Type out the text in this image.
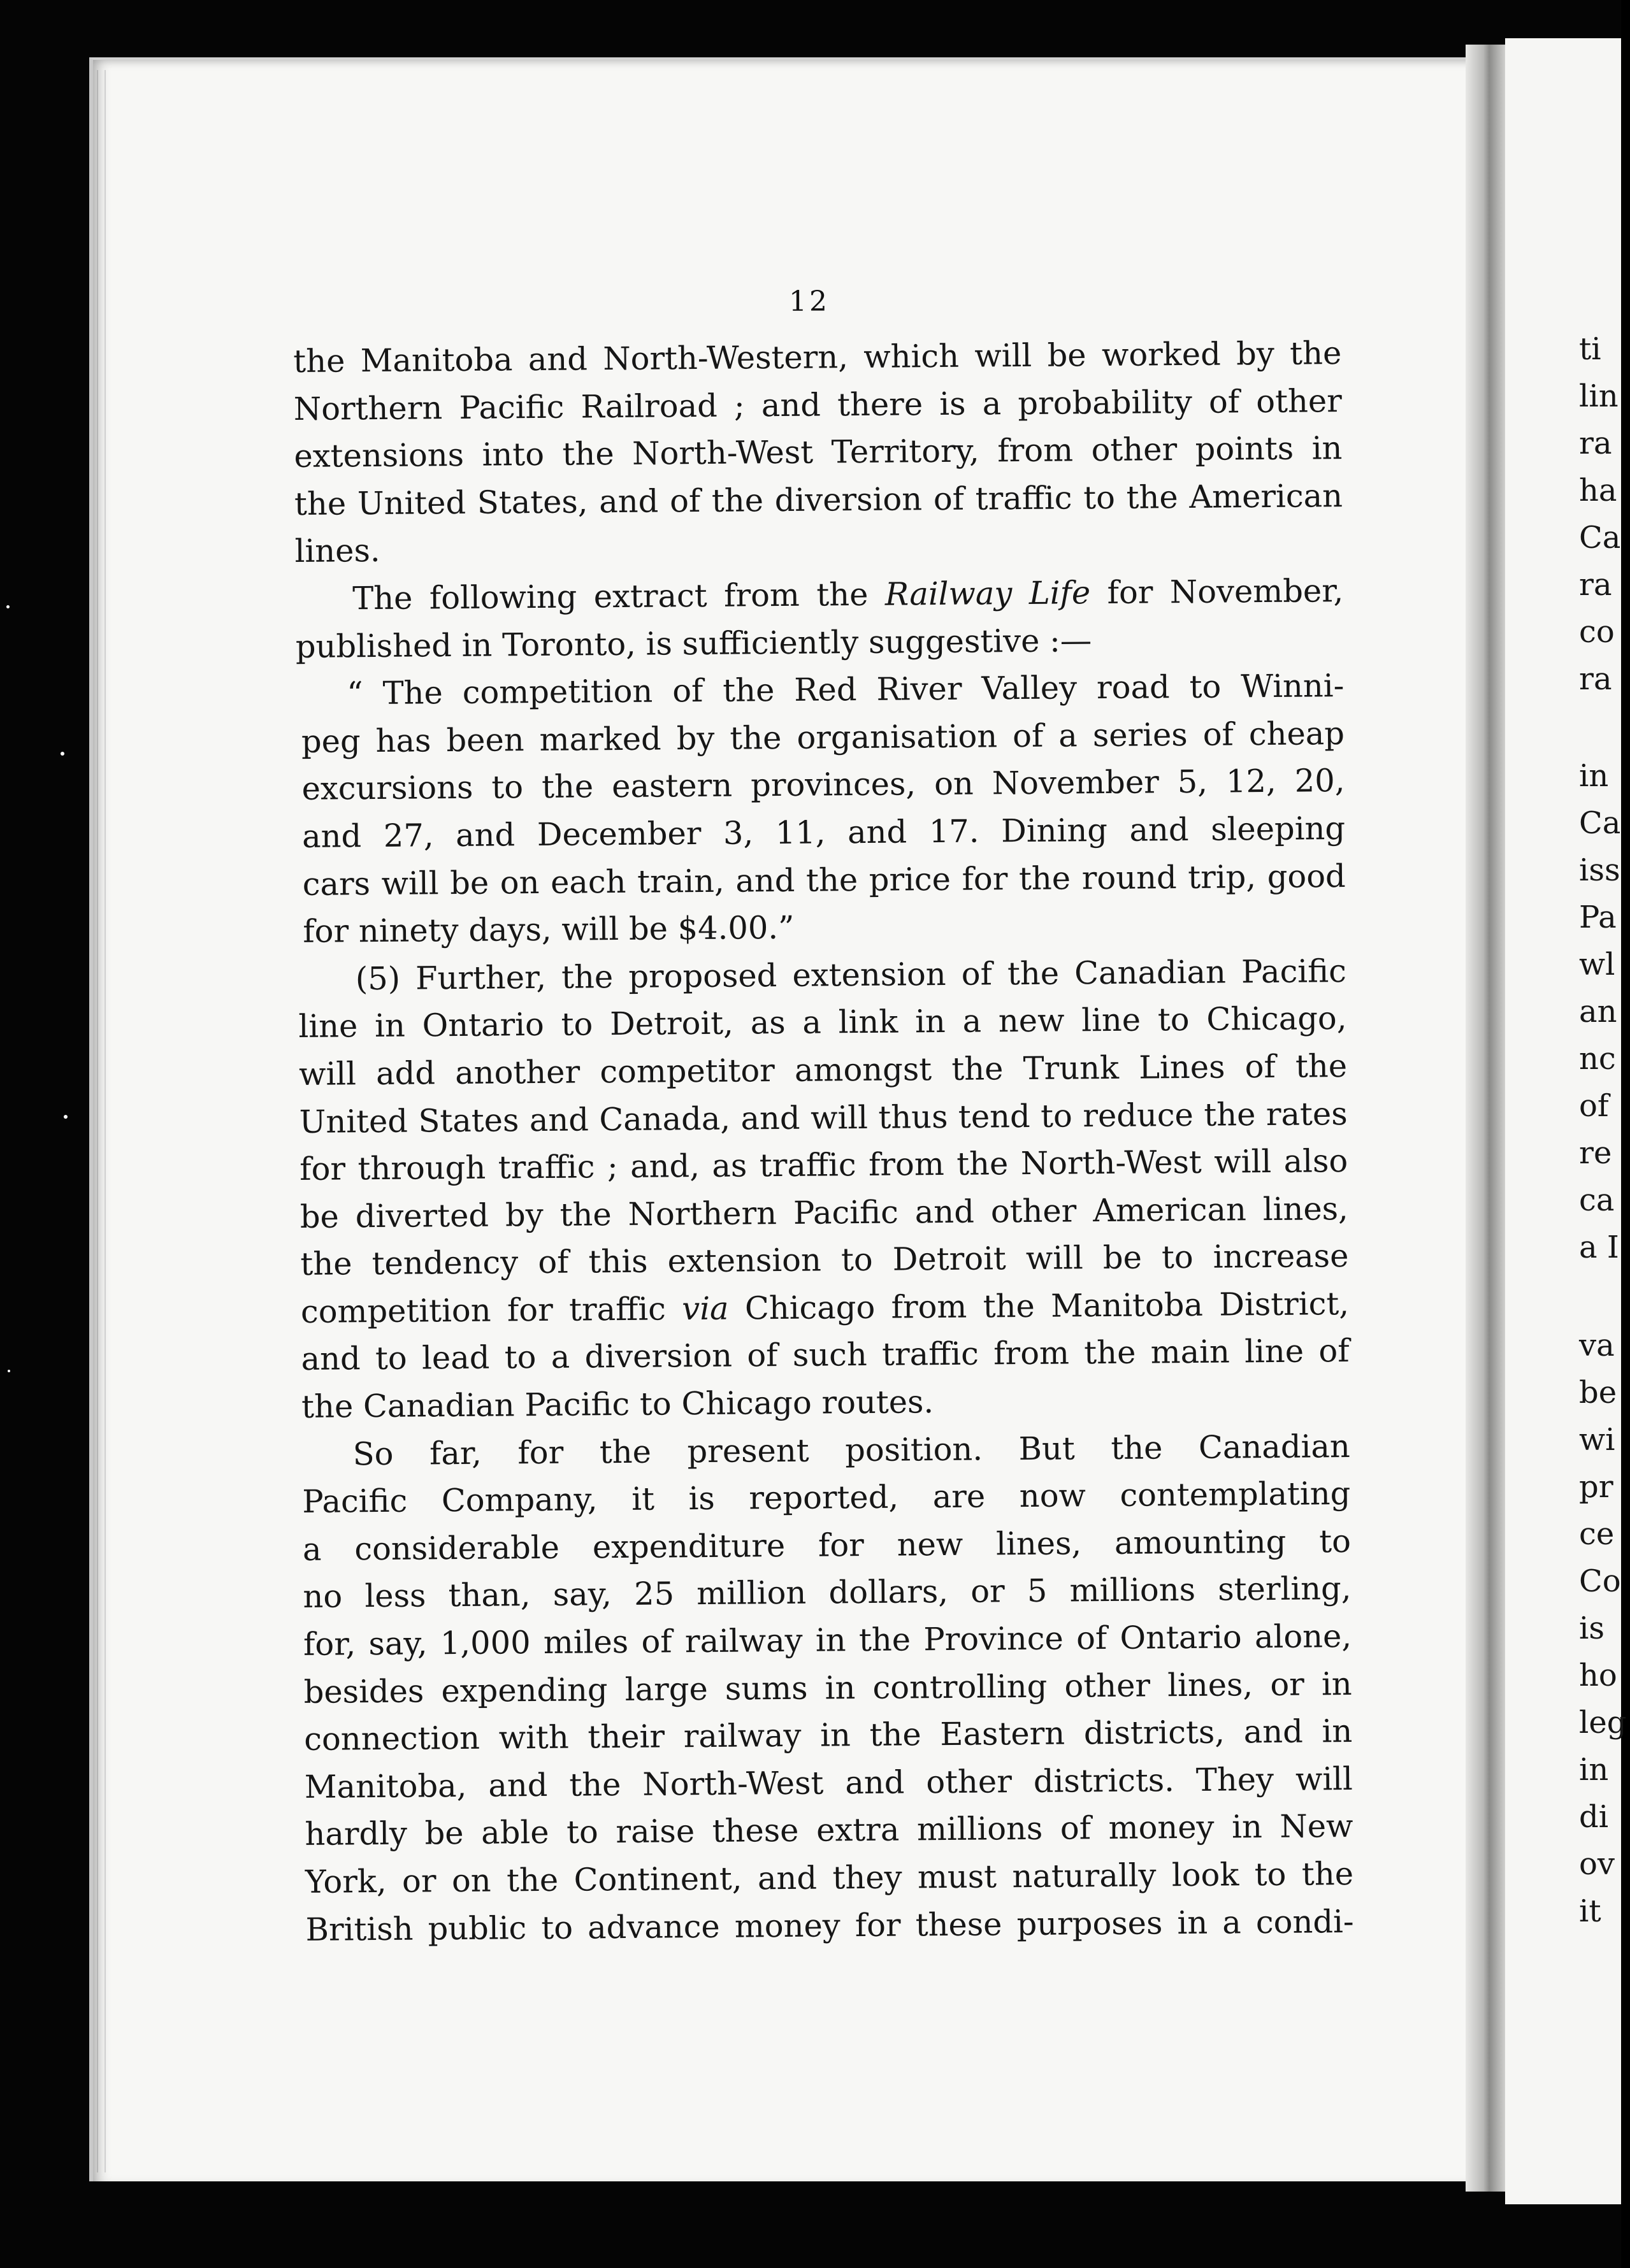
12

the Manitoba and North-Western, which will be worked by the
Northern Pacific Railroad ; and there is a probability of other
extensions into the North-West Territory, from other points in
the United States, and of the diversion of traffic to the American
lines.

The following extract from the Railway Life for November,
published in Toronto, is sufficiently suggestive :—

“ The competition of the Red River Valley road to Winni-
peg has been marked by the organisation of a series of cheap
excursions to the eastern provinces, on November 5, 12, 20,
and 27, and December 3, 11, and 17. Dining and sleeping
cars will be on each train, and the price for the round trip, good
for ninety days, will be $4.00.”

(5) Further, the proposed extension of the Canadian Pacific
line in Ontario to Detroit, as a link in a new line to Chicago,
will add another competitor amongst the Trunk Lines of the
United States and Canada, and will thus tend to reduce the rates
for through traffic ; and, as traffic from the North-West will also
be diverted by the Northern Pacific and other American lines,
the tendency of this extension to Detroit will be to increase
competition for traffic via Chicago from the Manitoba District,
and to lead to a diversion of such traffic from the main line of
the Canadian Pacific to Chicago routes.

So far, for the present position. But the Canadian
Pacific Company, it is reported, are now contemplating
a considerable expenditure for new lines, amounting to
no less than, say, 25 million dollars, or 5 millions sterling,
for, say, 1,000 miles of railway in the Province of Ontario alone,
besides expending large sums in controlling other lines, or in
connection with their railway in the Eastern districts, and in
Manitoba, and the North-West and other districts. They will
hardly be able to raise these extra millions of money in New
York, or on the Continent, and they must naturally look to the
British public to advance money for these purposes in a condi-

ti
lin
ra
ha
Ca
ra
co
ra
in
Ca
iss
Pa
wl
an
nc
of
re
ca
a I
va
be
wi
pr
ce
Co
is
ho
leg
in
di
ov
it
